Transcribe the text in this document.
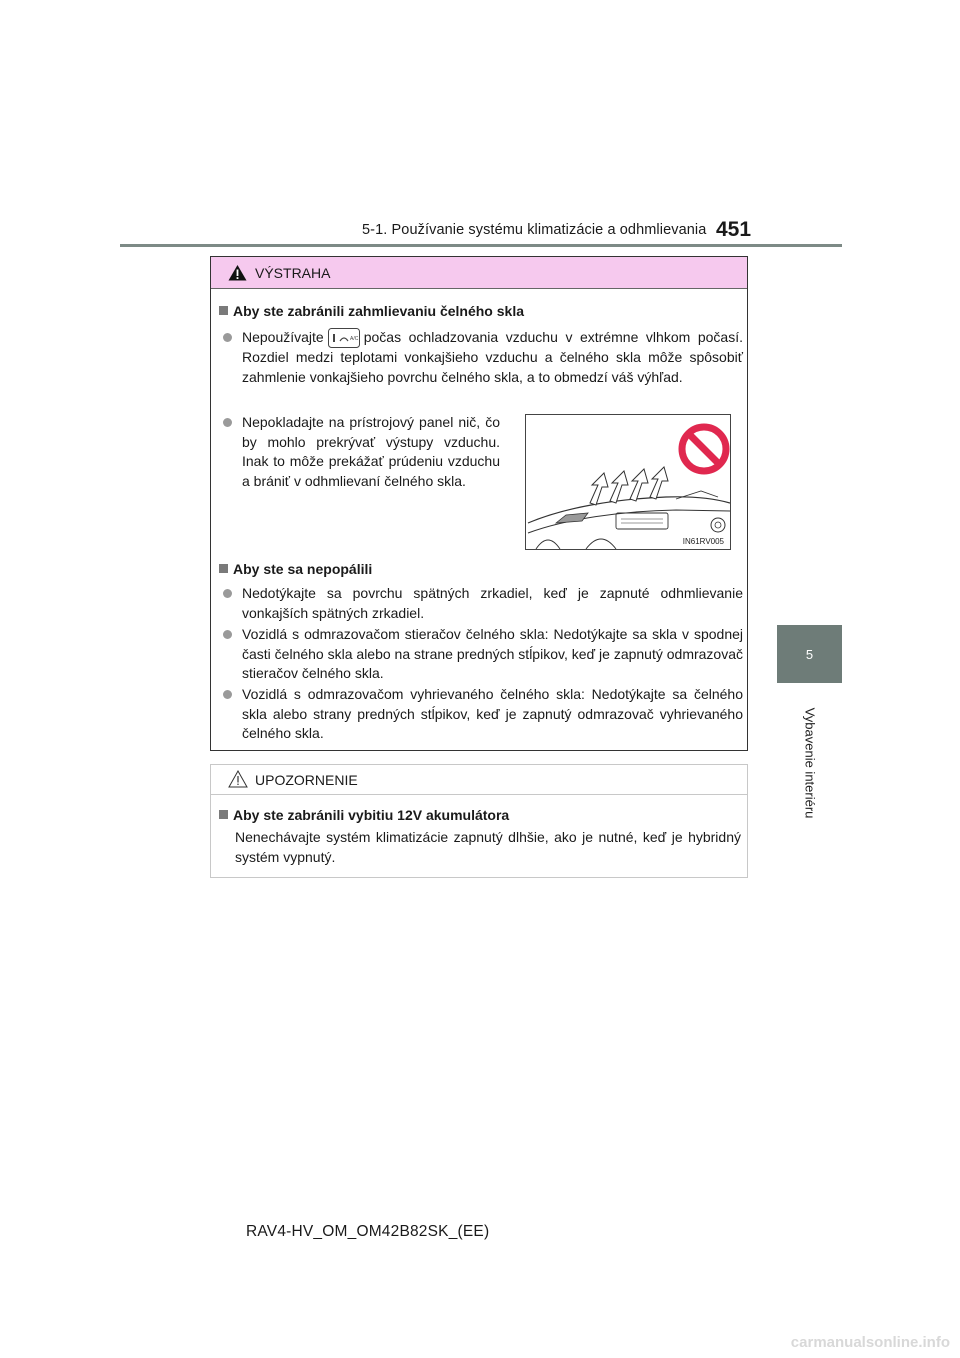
5-1. Používanie systému klimatizácie a odhmlievania 451
5
Vybavenie interiéru
VÝSTRAHA
Aby ste zabránili zahmlievaniu čelného skla
Nepoužívajte	A/C počas ochladzovania vzduchu v extrémne vlhkom počasí. Rozdiel medzi teplotami vonkajšieho vzduchu a čelného skla môže spôsobiť zahmlenie vonkajšieho povrchu čelného skla, a to obmedzí váš výhľad.
Nepokladajte na prístrojový panel nič, čo by mohlo prekrývať výstupy vzduchu. Inak to môže prekážať prúdeniu vzduchu a brániť v odhmlievaní čelného skla.
IN61RV005
Aby ste sa nepopálili
Nedotýkajte sa povrchu spätných zrkadiel, keď je zapnuté odhmlievanie vonkajších spätných zrkadiel.
Vozidlá s odmrazovačom stieračov čelného skla: Nedotýkajte sa skla v spodnej časti čelného skla alebo na strane predných stĺpikov, keď je zapnutý odmrazovač stieračov čelného skla.
Vozidlá s odmrazovačom vyhrievaného čelného skla: Nedotýkajte sa čelného skla alebo strany predných stĺpikov, keď je zapnutý odmrazovač vyhrievaného čelného skla.
UPOZORNENIE
Aby ste zabránili vybitiu 12V akumulátora
Nenechávajte systém klimatizácie zapnutý dlhšie, ako je nutné, keď je hybridný systém vypnutý.
RAV4-HV_OM_OM42B82SK_(EE)
carmanualsonline.info
